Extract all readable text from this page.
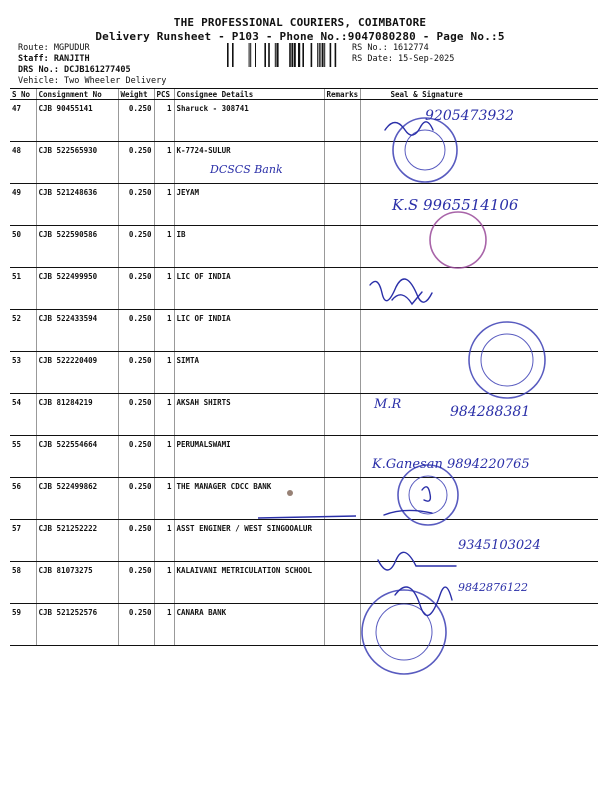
THE PROFESSIONAL COURIERS, COIMBATORE
Delivery Runsheet - P103 - Phone No.:9047080280 - Page No.:5
Route: MGPUDUR
Staff: RANJITH
DRS No.: DCJB161277405
Vehicle: Two Wheeler Delivery
RS No.: 1612774
RS Date: 15-Sep-2025
S No	Consignment No	Weight	PCS	Consignee Details	Remarks	Seal & Signature
47	CJB 90455141	0.250	1	Sharuck - 308741		
48	CJB 522565930	0.250	1	K-7724-SULUR		
49	CJB 521248636	0.250	1	JEYAM		
50	CJB 522590586	0.250	1	IB		
51	CJB 522499950	0.250	1	LIC OF INDIA		
52	CJB 522433594	0.250	1	LIC OF INDIA		
53	CJB 522220409	0.250	1	SIMTA		
54	CJB 81284219	0.250	1	AKSAH SHIRTS		
55	CJB 522554664	0.250	1	PERUMALSWAMI		
56	CJB 522499862	0.250	1	THE MANAGER CDCC BANK		
57	CJB 521252222	0.250	1	ASST ENGINER / WEST SINGOOALUR		
58	CJB 81073275	0.250	1	KALAIVANI METRICULATION SCHOOL		
59	CJB 521252576	0.250	1	CANARA BANK		
9205473932
DCSCS Bank
K.S 9965514106
M.R	984288381
K.Ganesan 9894220765
9345103024
9842876122
